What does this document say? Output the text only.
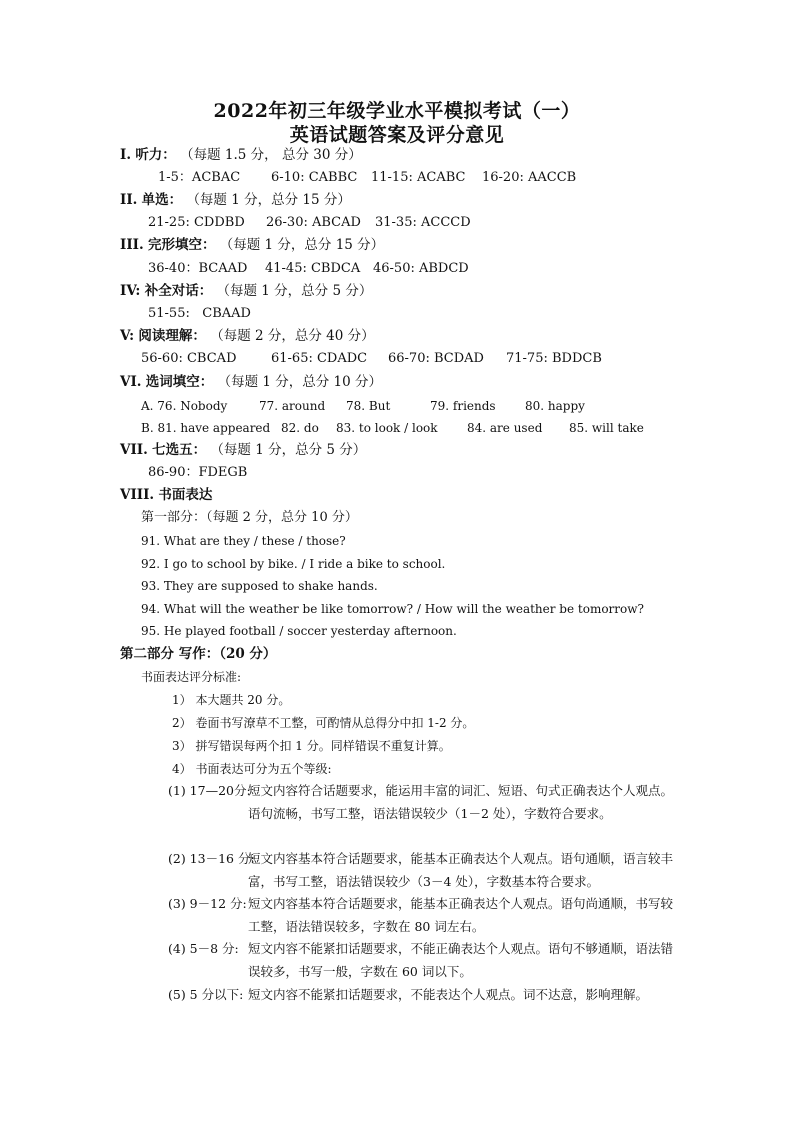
2022年初三年级学业水平模拟考试（一）
英语试题答案及评分意见
I. 听力： （每题 1.5 分， 总分 30 分）
1-5：ACBAC 6-10: CABBC 11-15: ACABC 16-20: AACCB
II. 单选： （每题 1 分，总分 15 分）
21-25: CDDBD 26-30: ABCAD 31-35: ACCCD
III. 完形填空： （每题 1 分，总分 15 分）
36-40：BCAAD 41-45: CBDCA 46-50: ABDCD
IV: 补全对话： （每题 1 分，总分 5 分）
51-55:   CBAAD
V: 阅读理解： （每题 2 分，总分 40 分）
56-60: CBCAD	61-65: CDADC 66-70: BCDAD 71-75: BDDCB
VI. 选词填空： （每题 1 分，总分 10 分）
A. 76. Nobody	77. around 78. But	79. friends 80. happy
B. 81. have appeared 82. do 83. to look / look 84. are used 85. will take
VII. 七选五： （每题 1 分，总分 5 分）
86-90：FDEGB
VIII. 书面表达
第一部分：（每题 2 分，总分 10 分）
91. What are they / these / those?
92. I go to school by bike. / I ride a bike to school.
93. They are supposed to shake hands.
94. What will the weather be like tomorrow? / How will the weather be tomorrow?
95. He played football / soccer yesterday afternoon.
第二部分 写作：（20 分）
书面表达评分标准:
1） 本大题共 20 分。
2） 卷面书写潦草不工整，可酌情从总得分中扣 1-2 分。
3） 拼写错误每两个扣 1 分。同样错误不重复计算。
4） 书面表达可分为五个等级:
(1) 17—20分:
短文内容符合话题要求，能运用丰富的词汇、短语、句式正确表达个人观点。语句流畅，书写工整，语法错误较少（1－2 处），字数符合要求。
(2) 13－16 分:
短文内容基本符合话题要求，能基本正确表达个人观点。语句通顺，语言较丰富，书写工整，语法错误较少（3－4 处），字数基本符合要求。
(3) 9－12 分: 短文内容基本符合话题要求，能基本正确表达个人观点。语句尚通顺，书写较工整，语法错误较多，字数在 80 词左右。
(4) 5－8 分: 短文内容不能紧扣话题要求，不能正确表达个人观点。语句不够通顺，语法错误较多，书写一般，字数在 60 词以下。
(5) 5 分以下: 短文内容不能紧扣话题要求，不能表达个人观点。词不达意，影响理解。
